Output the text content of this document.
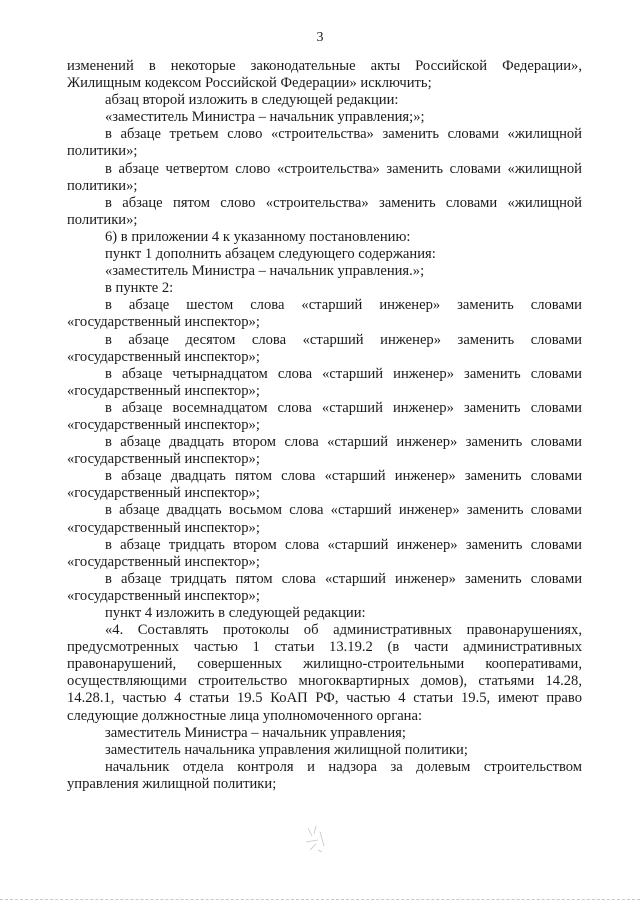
3

изменений в некоторые законодательные акты Российской Федерации», Жилищным кодексом Российской Федерации» исключить;

абзац второй изложить в следующей редакции:

«заместитель Министра – начальник управления;»;

в абзаце третьем слово «строительства» заменить словами «жилищной политики»;

в абзаце четвертом слово «строительства» заменить словами «жилищной политики»;

в абзаце пятом слово «строительства» заменить словами «жилищной политики»;

6) в приложении 4 к указанному постановлению:

пункт 1 дополнить абзацем следующего содержания:

«заместитель Министра – начальник управления.»;

в пункте 2:

в абзаце шестом слова «старший инженер» заменить словами «государственный инспектор»;

в абзаце десятом слова «старший инженер» заменить словами «государственный инспектор»;

в абзаце четырнадцатом слова «старший инженер» заменить словами «государственный инспектор»;

в абзаце восемнадцатом слова «старший инженер» заменить словами «государственный инспектор»;

в абзаце двадцать втором слова «старший инженер» заменить словами «государственный инспектор»;

в абзаце двадцать пятом слова «старший инженер» заменить словами «государственный инспектор»;

в абзаце двадцать восьмом слова «старший инженер» заменить словами «государственный инспектор»;

в абзаце тридцать втором слова «старший инженер» заменить словами «государственный инспектор»;

в абзаце тридцать пятом слова «старший инженер» заменить словами «государственный инспектор»;

пункт 4 изложить в следующей редакции:

«4. Составлять протоколы об административных правонарушениях, предусмотренных частью 1 статьи 13.19.2 (в части административных правонарушений, совершенных жилищно-строительными кооперативами, осуществляющими строительство многоквартирных домов), статьями 14.28, 14.28.1, частью 4 статьи 19.5 КоАП РФ, частью 4 статьи 19.5, имеют право следующие должностные лица уполномоченного органа:

заместитель Министра – начальник управления;

заместитель начальника управления жилищной политики;

начальник отдела контроля и надзора за долевым строительством управления жилищной политики;
